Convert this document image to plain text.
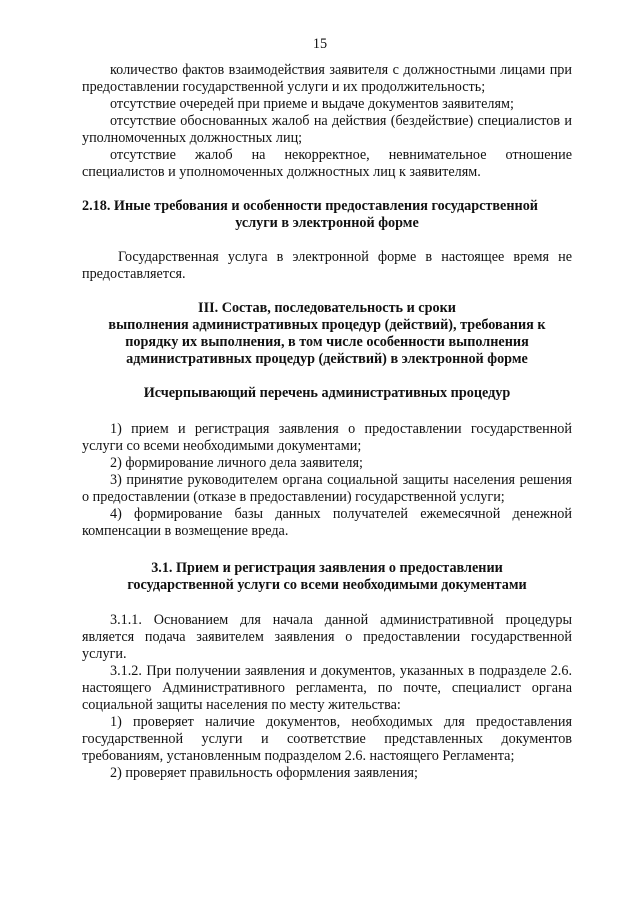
15

количество фактов взаимодействия заявителя с должностными лицами при предоставлении государственной услуги и их продолжительность;

отсутствие очередей при приеме и выдаче документов заявителям;

отсутствие обоснованных жалоб на действия (бездействие) специалистов и уполномоченных должностных лиц;

отсутствие жалоб на некорректное, невнимательное отношение специалистов и уполномоченных должностных лиц к заявителям.

2.18. Иные требования и особенности предоставления государственной
услуги в электронной форме

Государственная услуга в электронной форме в настоящее время не предоставляется.

III. Состав, последовательность и сроки
выполнения административных процедур (действий), требования к
порядку их выполнения, в том числе особенности выполнения
административных процедур (действий) в электронной форме
Исчерпывающий перечень административных процедур

1) прием и регистрация заявления о предоставлении государственной услуги со всеми необходимыми документами;

2) формирование личного дела заявителя;

3) принятие руководителем органа социальной защиты населения решения о предоставлении (отказе в предоставлении) государственной услуги;

4) формирование базы данных получателей ежемесячной денежной компенсации в возмещение вреда.

3.1. Прием и регистрация заявления о предоставлении
государственной услуги со всеми необходимыми документами

3.1.1. Основанием для начала данной административной процедуры является подача заявителем заявления о предоставлении государственной услуги.

3.1.2. При получении заявления и документов, указанных в подразделе 2.6. настоящего Административного регламента, по почте, специалист органа социальной защиты населения по месту жительства:

1) проверяет наличие документов, необходимых для предоставления государственной услуги и соответствие представленных документов требованиям, установленным подразделом 2.6. настоящего Регламента;

2) проверяет правильность оформления заявления;
